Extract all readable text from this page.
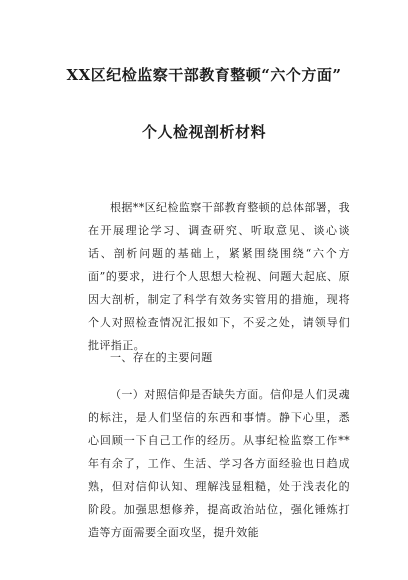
XX区纪检监察干部教育整顿“六个方面”
个人检视剖析材料

根据**区纪检监察干部教育整顿的总体部署，我在开展理论学习、调查研究、听取意见、谈心谈话、剖析问题的基础上，紧紧围绕围绕“六个方面”的要求，进行个人思想大检视、问题大起底、原因大剖析，制定了科学有效务实管用的措施，现将个人对照检查情况汇报如下，不妥之处，请领导们批评指正。

一、存在的主要问题

（一）对照信仰是否缺失方面。信仰是人们灵魂的标注，是人们坚信的东西和事情。静下心里，悉心回顾一下自己工作的经历。从事纪检监察工作**年有余了，工作、生活、学习各方面经验也日趋成熟，但对信仰认知、理解浅显粗糙，处于浅表化的阶段。加强思想修养，提高政治站位，强化锤炼打造等方面需要全面攻坚，提升效能
